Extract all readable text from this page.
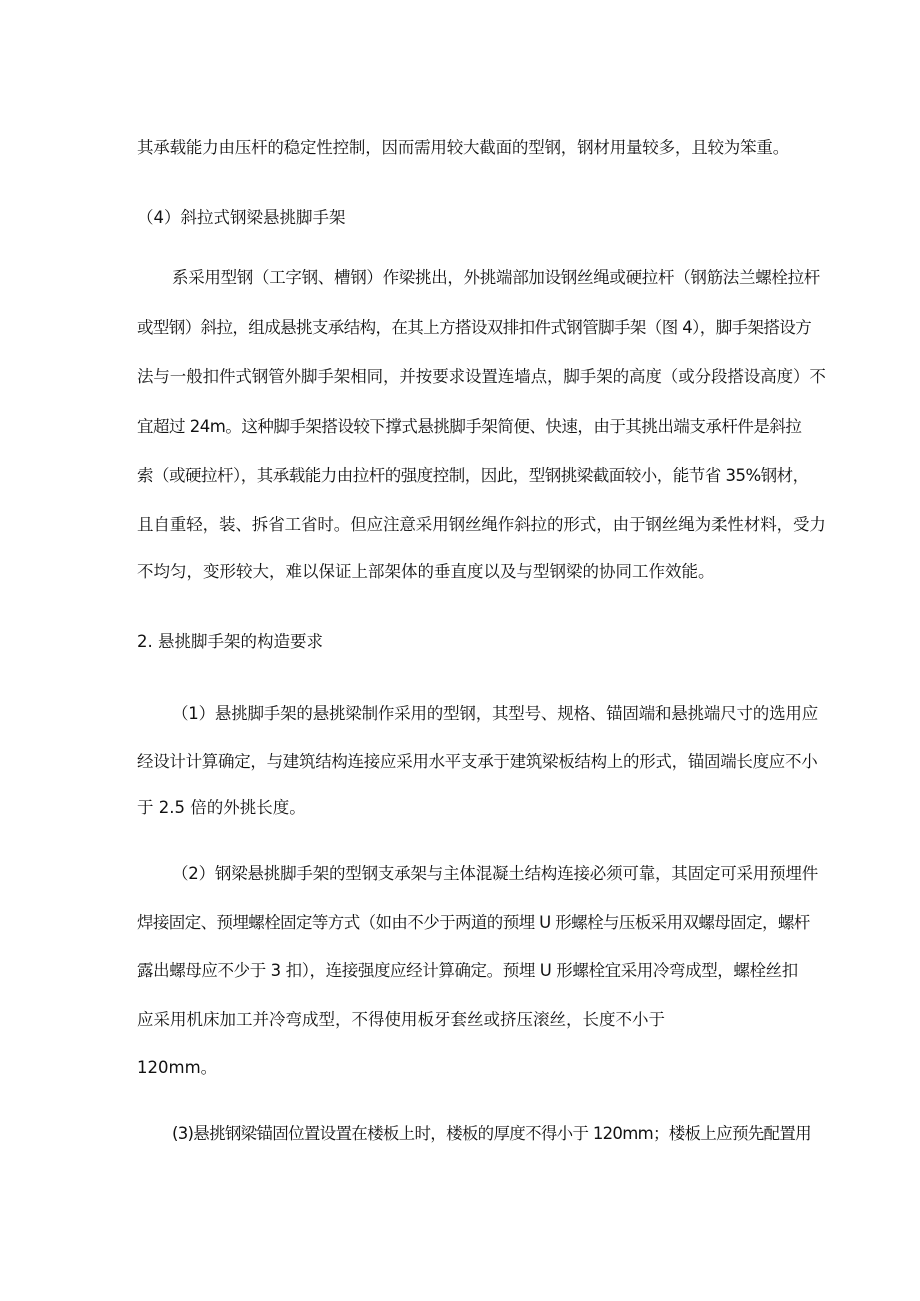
其承载能力由压杆的稳定性控制，因而需用较大截面的型钢，钢材用量较多，且较为笨重。
（4）斜拉式钢梁悬挑脚手架
系采用型钢（工字钢、槽钢）作梁挑出，外挑端部加设钢丝绳或硬拉杆（钢筋法兰螺栓拉杆
或型钢）斜拉，组成悬挑支承结构，在其上方搭设双排扣件式钢管脚手架（图 4），脚手架搭设方
法与一般扣件式钢管外脚手架相同，并按要求设置连墙点，脚手架的高度（或分段搭设高度）不
宜超过 24m。这种脚手架搭设较下撑式悬挑脚手架简便、快速，由于其挑出端支承杆件是斜拉
索（或硬拉杆），其承载能力由拉杆的强度控制，因此，型钢挑梁截面较小，能节省 35%钢材，
且自重轻，装、拆省工省时。但应注意采用钢丝绳作斜拉的形式，由于钢丝绳为柔性材料，受力
不均匀，变形较大，难以保证上部架体的垂直度以及与型钢梁的协同工作效能。
2. 悬挑脚手架的构造要求
（1）悬挑脚手架的悬挑梁制作采用的型钢，其型号、规格、锚固端和悬挑端尺寸的选用应
经设计计算确定，与建筑结构连接应采用水平支承于建筑梁板结构上的形式，锚固端长度应不小
于 2.5 倍的外挑长度。
（2）钢梁悬挑脚手架的型钢支承架与主体混凝土结构连接必须可靠，其固定可采用预埋件
焊接固定、预埋螺栓固定等方式（如由不少于两道的预埋 U 形螺栓与压板采用双螺母固定，螺杆
露出螺母应不少于 3 扣），连接强度应经计算确定。预埋 U 形螺栓宜采用冷弯成型，螺栓丝扣
应采用机床加工并冷弯成型，不得使用板牙套丝或挤压滚丝，长度不小于
120mm。
(3)悬挑钢梁锚固位置设置在楼板上时，楼板的厚度不得小于 120mm；楼板上应预先配置用
